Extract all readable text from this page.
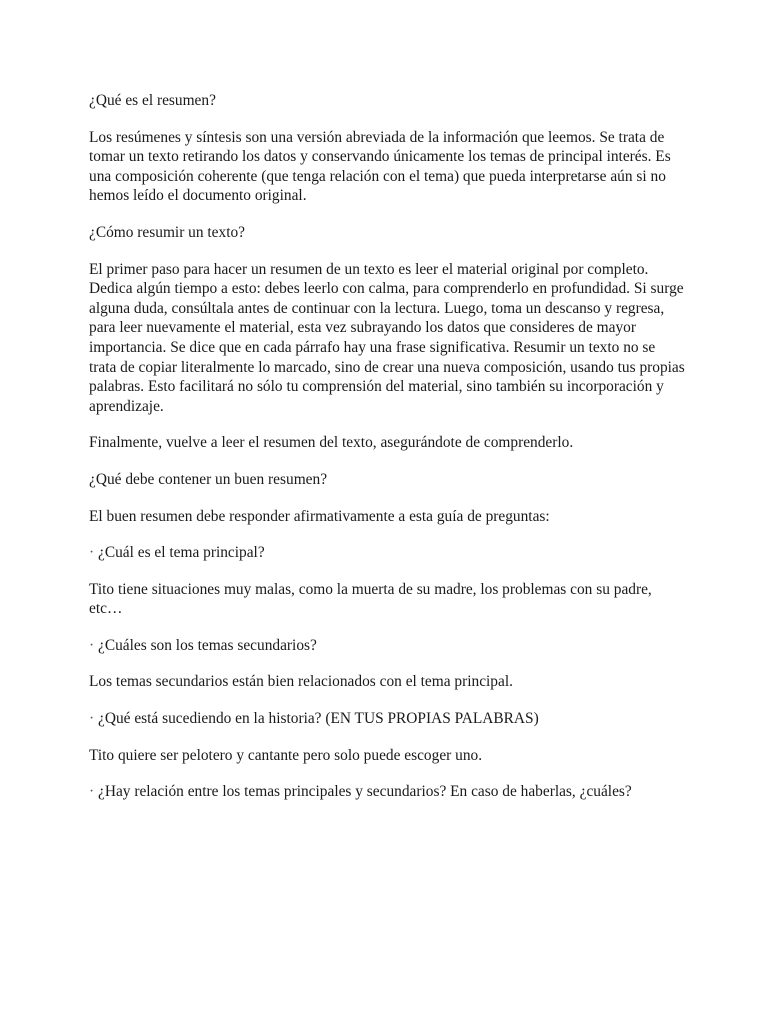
¿Qué es el resumen?

Los resúmenes y síntesis son una versión abreviada de la información que leemos. Se trata de tomar un texto retirando los datos y conservando únicamente los temas de principal interés. Es una composición coherente (que tenga relación con el tema) que pueda interpretarse aún si no hemos leído el documento original.

¿Cómo resumir un texto?

El primer paso para hacer un resumen de un texto es leer el material original por completo. Dedica algún tiempo a esto: debes leerlo con calma, para comprenderlo en profundidad. Si surge alguna duda, consúltala antes de continuar con la lectura. Luego, toma un descanso y regresa, para leer nuevamente el material, esta vez subrayando los datos que consideres de mayor importancia. Se dice que en cada párrafo hay una frase significativa. Resumir un texto no se trata de copiar literalmente lo marcado, sino de crear una nueva composición, usando tus propias palabras. Esto facilitará no sólo tu comprensión del material, sino también su incorporación y aprendizaje.

Finalmente, vuelve a leer el resumen del texto, asegurándote de comprenderlo.

¿Qué debe contener un buen resumen?

El buen resumen debe responder afirmativamente a esta guía de preguntas:

· ¿Cuál es el tema principal?

Tito tiene situaciones muy malas, como la muerta de su madre, los problemas con su padre, etc…

· ¿Cuáles son los temas secundarios?

Los temas secundarios están bien relacionados con el tema principal.

· ¿Qué está sucediendo en la historia? (EN TUS PROPIAS PALABRAS)

Tito quiere ser pelotero y cantante pero solo puede escoger uno.

· ¿Hay relación entre los temas principales y secundarios? En caso de haberlas, ¿cuáles?
